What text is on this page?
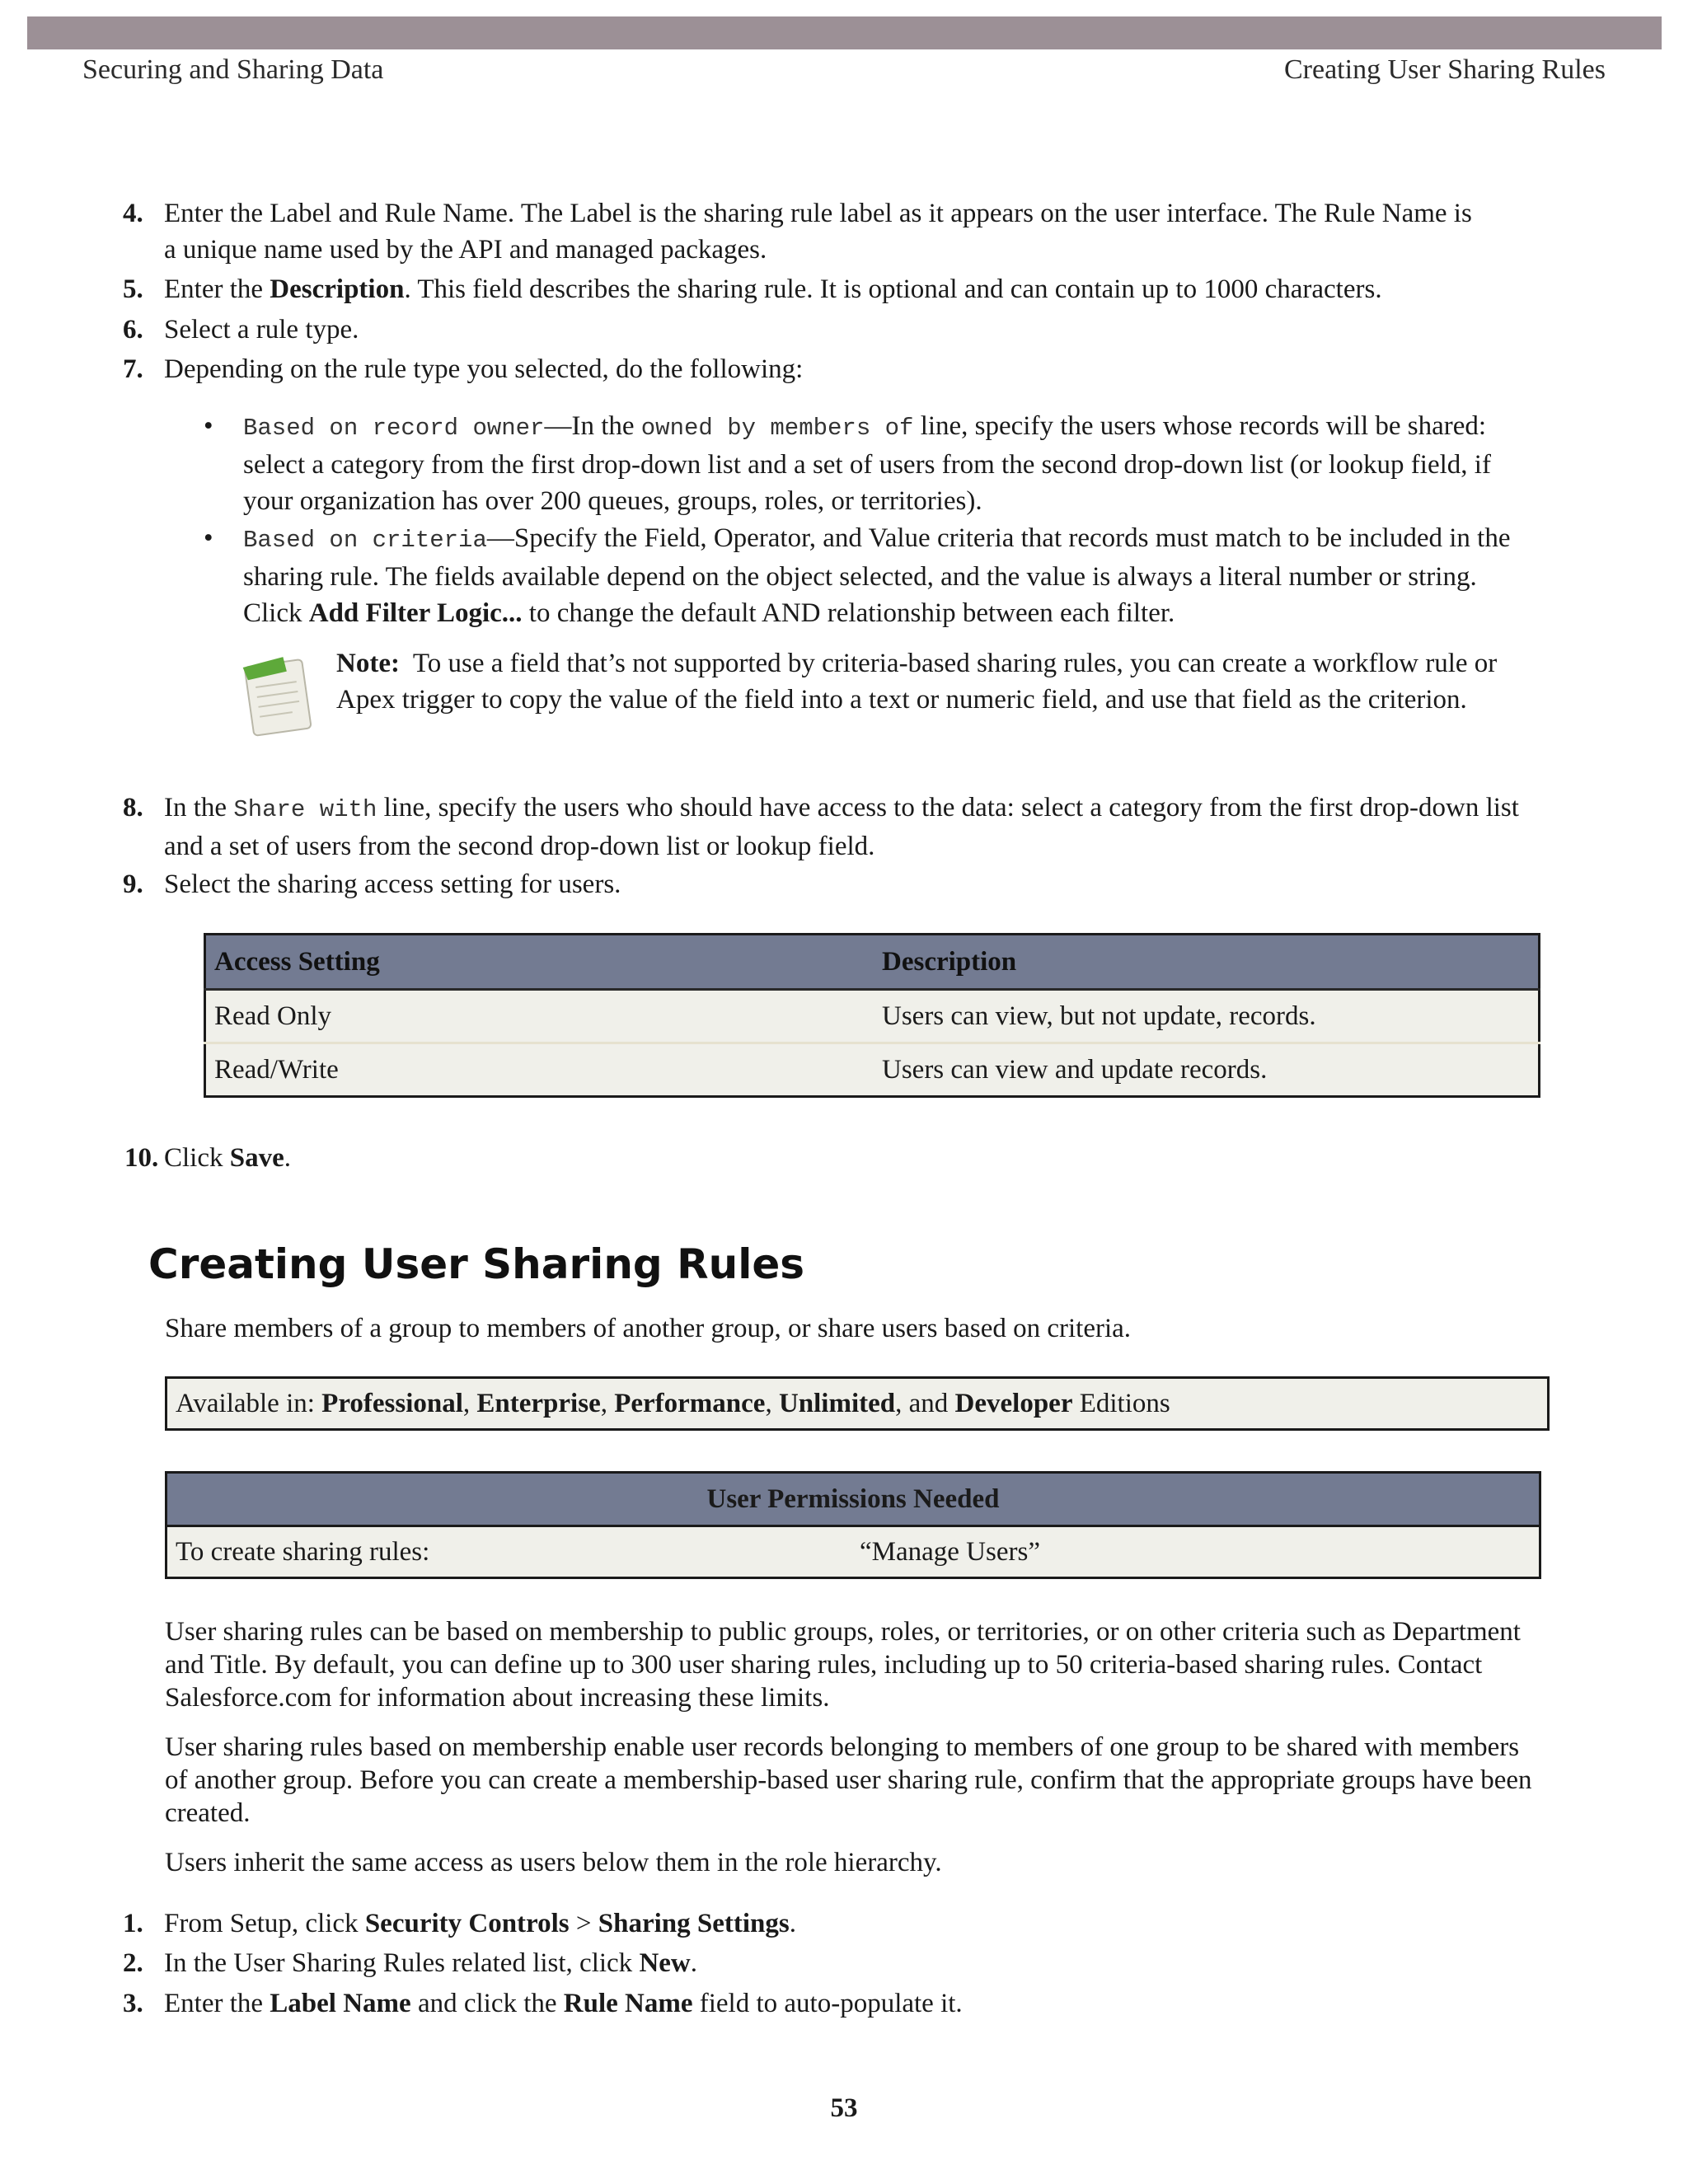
Securing and Sharing Data	Creating User Sharing Rules
4. Enter the Label and Rule Name. The Label is the sharing rule label as it appears on the user interface. The Rule Name is
a unique name used by the API and managed packages.
5. Enter the Description. This field describes the sharing rule. It is optional and can contain up to 1000 characters.
6. Select a rule type.
7. Depending on the rule type you selected, do the following:
• Based on record owner—In the owned by members of line, specify the users whose records will be shared: select a category from the first drop-down list and a set of users from the second drop-down list (or lookup field, if your organization has over 200 queues, groups, roles, or territories).
• Based on criteria—Specify the Field, Operator, and Value criteria that records must match to be included in the sharing rule. The fields available depend on the object selected, and the value is always a literal number or string. Click Add Filter Logic... to change the default AND relationship between each filter.
Note: To use a field that’s not supported by criteria-based sharing rules, you can create a workflow rule or Apex trigger to copy the value of the field into a text or numeric field, and use that field as the criterion.
8. In the Share with line, specify the users who should have access to the data: select a category from the first drop-down list and a set of users from the second drop-down list or lookup field.
9. Select the sharing access setting for users.
Access Setting	Description
Read Only	Users can view, but not update, records.
Read/Write	Users can view and update records.
10. Click Save.
Creating User Sharing Rules

Share members of a group to members of another group, or share users based on criteria.

Available in: Professional, Enterprise, Performance, Unlimited, and Developer Editions
User Permissions Needed
To create sharing rules:	“Manage Users”

User sharing rules can be based on membership to public groups, roles, or territories, or on other criteria such as Department and Title. By default, you can define up to 300 user sharing rules, including up to 50 criteria-based sharing rules. Contact Salesforce.com for information about increasing these limits.

User sharing rules based on membership enable user records belonging to members of one group to be shared with members of another group. Before you can create a membership-based user sharing rule, confirm that the appropriate groups have been created.

Users inherit the same access as users below them in the role hierarchy.

1. From Setup, click Security Controls > Sharing Settings.
2. In the User Sharing Rules related list, click New.
3. Enter the Label Name and click the Rule Name field to auto-populate it.
53
